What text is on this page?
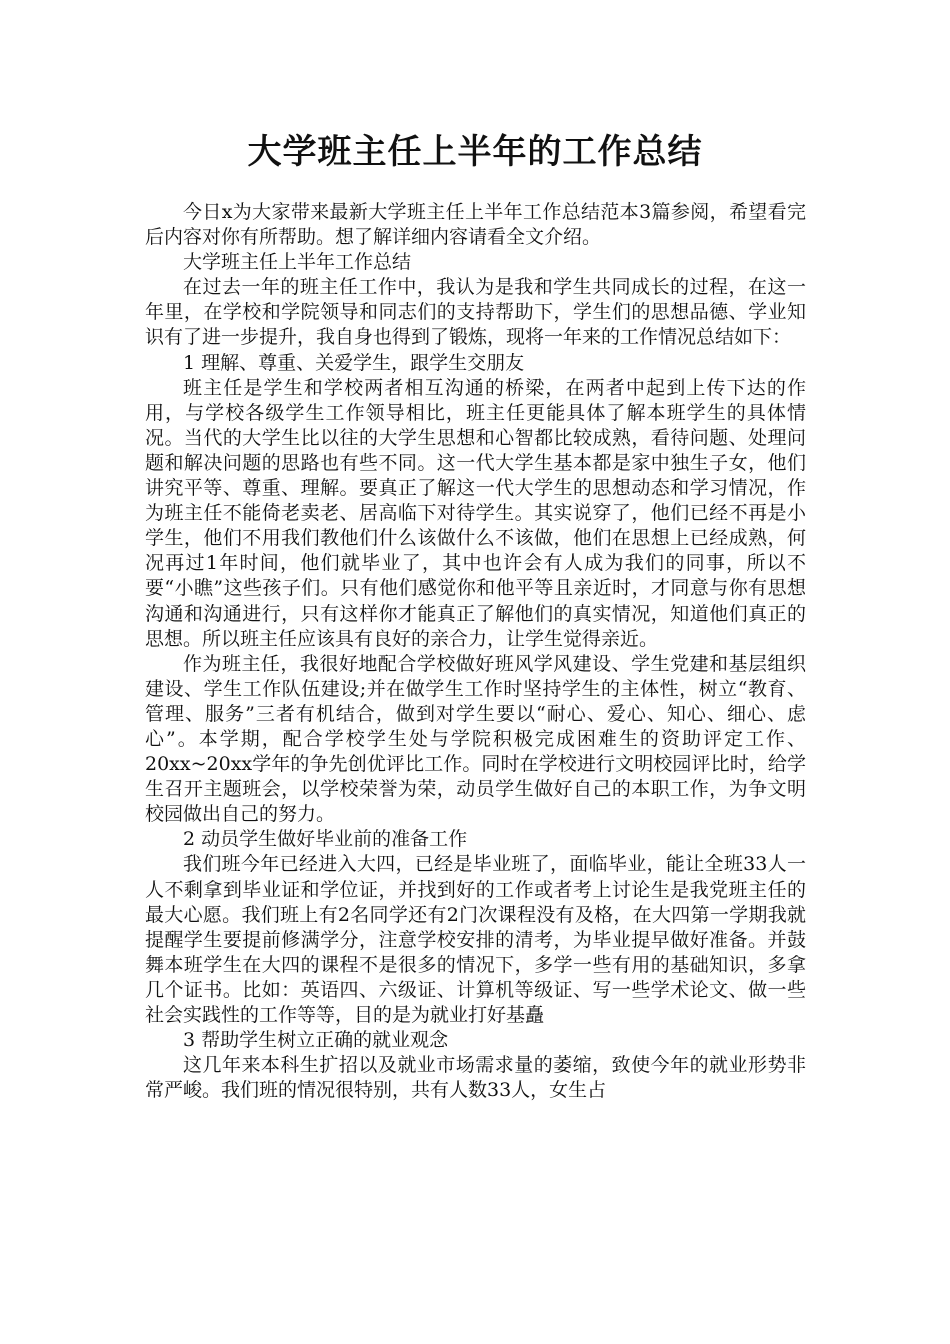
大学班主任上半年的工作总结

今日x为大家带来最新大学班主任上半年工作总结范本3篇参阅，希望看完后内容对你有所帮助。想了解详细内容请看全文介绍。

大学班主任上半年工作总结

在过去一年的班主任工作中，我认为是我和学生共同成长的过程，在这一年里，在学校和学院领导和同志们的支持帮助下，学生们的思想品德、学业知识有了进一步提升，我自身也得到了锻炼，现将一年来的工作情况总结如下：

1 理解、尊重、关爱学生，跟学生交朋友

班主任是学生和学校两者相互沟通的桥梁，在两者中起到上传下达的作用，与学校各级学生工作领导相比，班主任更能具体了解本班学生的具体情况。当代的大学生比以往的大学生思想和心智都比较成熟，看待问题、处理问题和解决问题的思路也有些不同。这一代大学生基本都是家中独生子女，他们讲究平等、尊重、理解。要真正了解这一代大学生的思想动态和学习情况，作为班主任不能倚老卖老、居高临下对待学生。其实说穿了，他们已经不再是小学生，他们不用我们教他们什么该做什么不该做，他们在思想上已经成熟，何况再过1年时间，他们就毕业了，其中也许会有人成为我们的同事，所以不要“小瞧”这些孩子们。只有他们感觉你和他平等且亲近时，才同意与你有思想沟通和沟通进行，只有这样你才能真正了解他们的真实情况，知道他们真正的思想。所以班主任应该具有良好的亲合力，让学生觉得亲近。

作为班主任，我很好地配合学校做好班风学风建设、学生党建和基层组织建设、学生工作队伍建设;并在做学生工作时坚持学生的主体性，树立“教育、管理、服务”三者有机结合，做到对学生要以“耐心、爱心、知心、细心、虑心”。本学期，配合学校学生处与学院积极完成困难生的资助评定工作、20xx~20xx学年的争先创优评比工作。同时在学校进行文明校园评比时，给学生召开主题班会，以学校荣誉为荣，动员学生做好自己的本职工作，为争文明校园做出自己的努力。

2 动员学生做好毕业前的准备工作

我们班今年已经进入大四，已经是毕业班了，面临毕业，能让全班33人一人不剩拿到毕业证和学位证，并找到好的工作或者考上讨论生是我党班主任的最大心愿。我们班上有2名同学还有2门次课程没有及格，在大四第一学期我就提醒学生要提前修满学分，注意学校安排的清考，为毕业提早做好准备。并鼓舞本班学生在大四的课程不是很多的情况下，多学一些有用的基础知识，多拿几个证书。比如：英语四、六级证、计算机等级证、写一些学术论文、做一些社会实践性的工作等等，目的是为就业打好基矗

3 帮助学生树立正确的就业观念

这几年来本科生扩招以及就业市场需求量的萎缩，致使今年的就业形势非常严峻。我们班的情况很特别，共有人数33人，女生占
